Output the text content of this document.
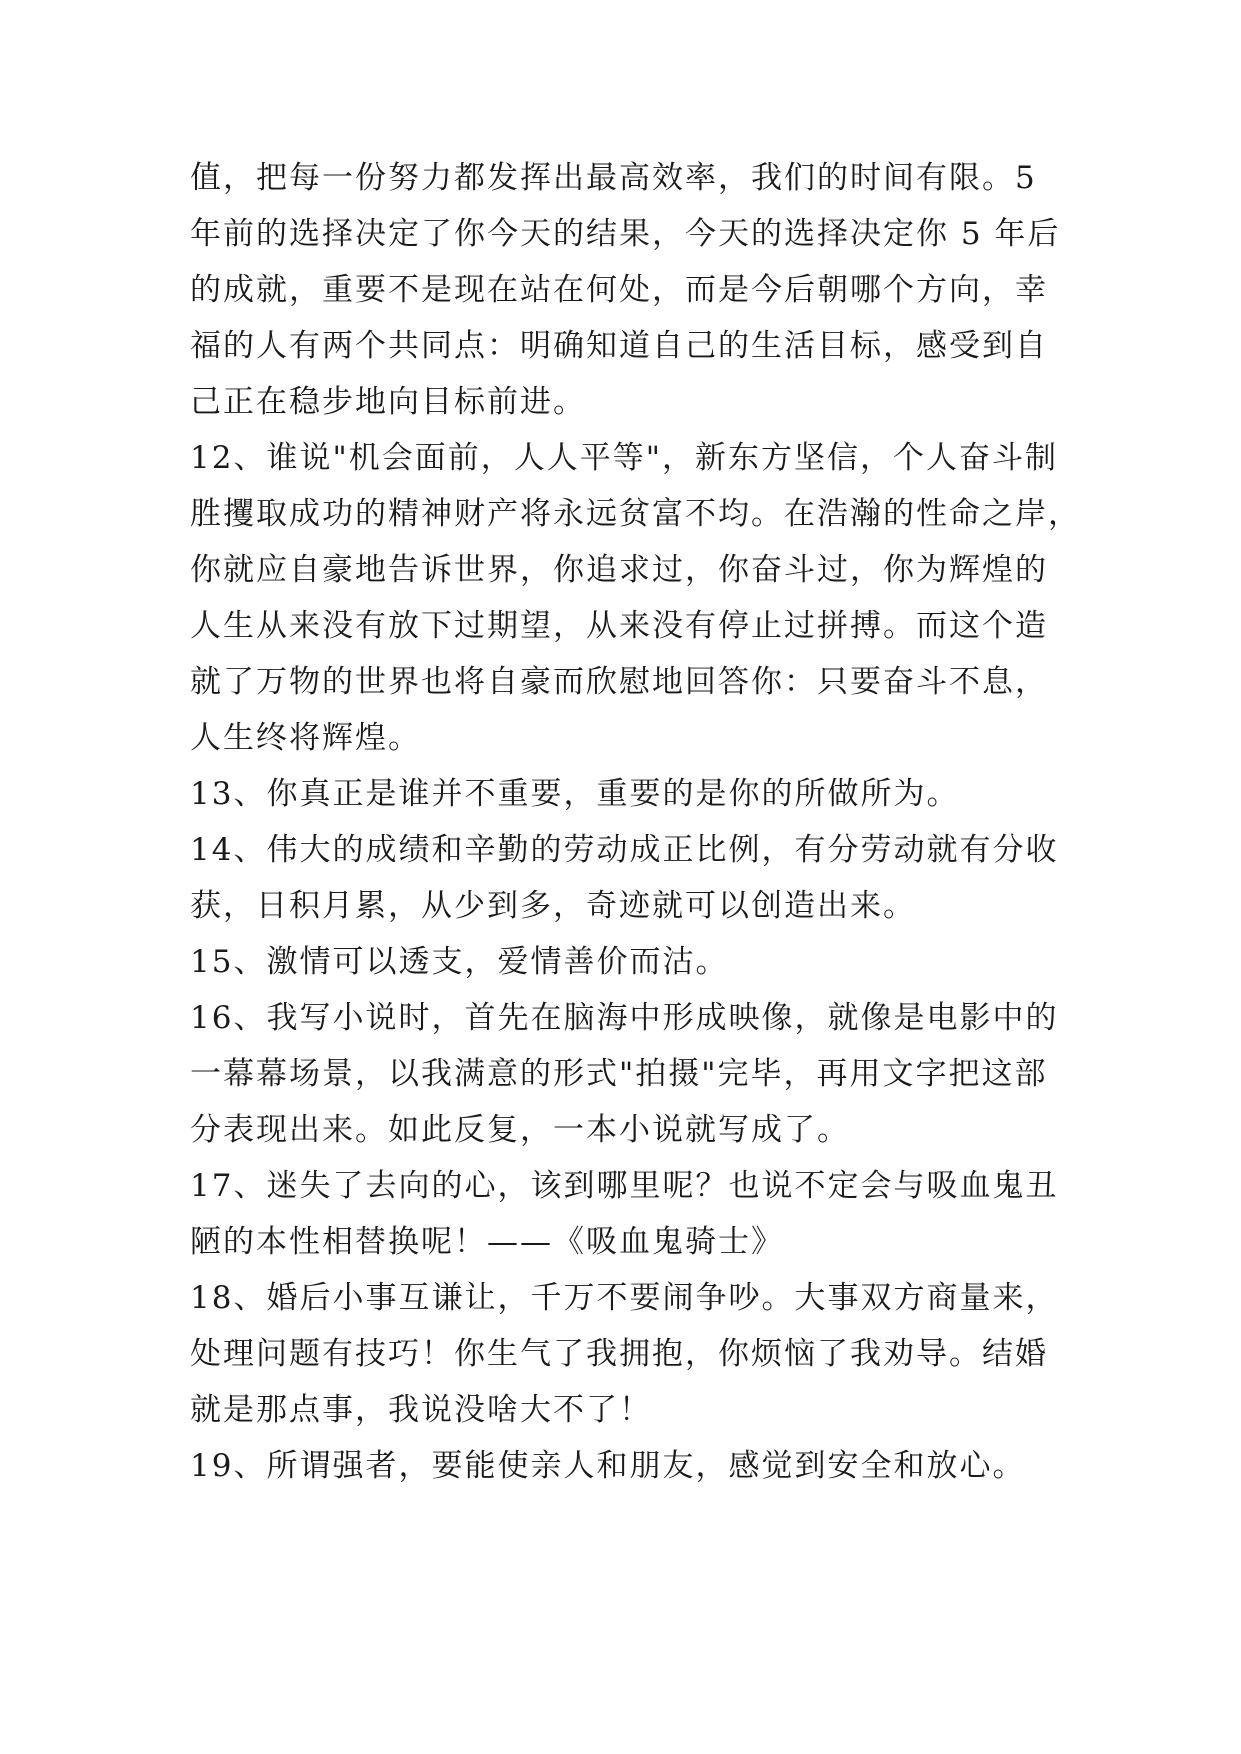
值，把每一份努力都发挥出最高效率，我们的时间有限。5
年前的选择决定了你今天的结果，今天的选择决定你 5 年后
的成就，重要不是现在站在何处，而是今后朝哪个方向，幸
福的人有两个共同点：明确知道自己的生活目标，感受到自
己正在稳步地向目标前进。
12、谁说"机会面前，人人平等"，新东方坚信，个人奋斗制
胜攫取成功的精神财产将永远贫富不均。在浩瀚的性命之岸，
你就应自豪地告诉世界，你追求过，你奋斗过，你为辉煌的
人生从来没有放下过期望，从来没有停止过拼搏。而这个造
就了万物的世界也将自豪而欣慰地回答你：只要奋斗不息，
人生终将辉煌。
13、你真正是谁并不重要，重要的是你的所做所为。
14、伟大的成绩和辛勤的劳动成正比例，有分劳动就有分收
获，日积月累，从少到多，奇迹就可以创造出来。
15、激情可以透支，爱情善价而沽。
16、我写小说时，首先在脑海中形成映像，就像是电影中的
一幕幕场景，以我满意的形式"拍摄"完毕，再用文字把这部
分表现出来。如此反复，一本小说就写成了。
17、迷失了去向的心，该到哪里呢？也说不定会与吸血鬼丑
陋的本性相替换呢！——《吸血鬼骑士》
18、婚后小事互谦让，千万不要闹争吵。大事双方商量来，
处理问题有技巧！你生气了我拥抱，你烦恼了我劝导。结婚
就是那点事，我说没啥大不了！
19、所谓强者，要能使亲人和朋友，感觉到安全和放心。
